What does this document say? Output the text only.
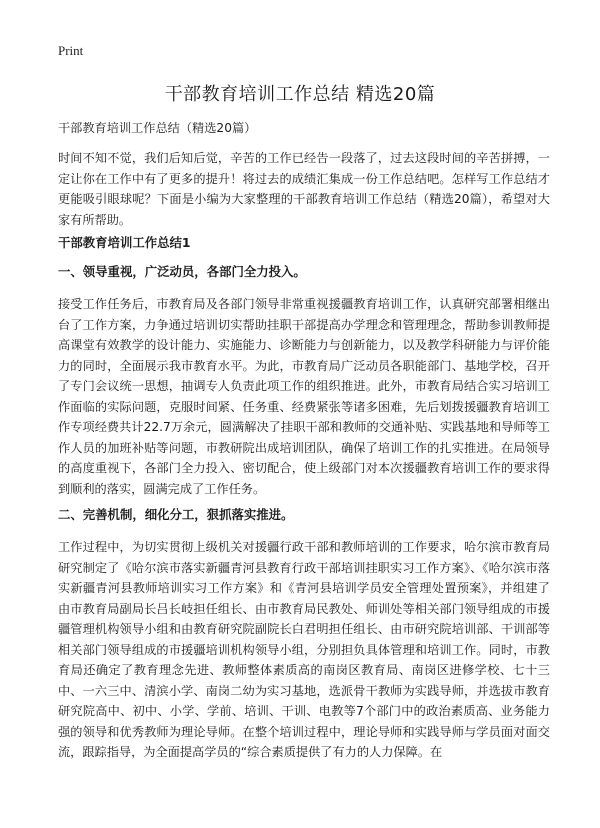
Print
干部教育培训工作总结 精选20篇

干部教育培训工作总结（精选20篇）

时间不知不觉，我们后知后觉，辛苦的工作已经告一段落了，过去这段时间的辛苦拼搏，一定让你在工作中有了更多的提升！将过去的成绩汇集成一份工作总结吧。怎样写工作总结才更能吸引眼球呢？下面是小编为大家整理的干部教育培训工作总结（精选20篇），希望对大家有所帮助。

干部教育培训工作总结1
一、领导重视，广泛动员，各部门全力投入。

接受工作任务后，市教育局及各部门领导非常重视援疆教育培训工作，认真研究部署相继出台了工作方案，力争通过培训切实帮助挂职干部提高办学理念和管理理念，帮助参训教师提高课堂有效教学的设计能力、实施能力、诊断能力与创新能力，以及教学科研能力与评价能力的同时，全面展示我市教育水平。为此，市教育局广泛动员各职能部门、基地学校，召开了专门会议统一思想，抽调专人负责此项工作的组织推进。此外，市教育局结合实习培训工作面临的实际问题，克服时间紧、任务重、经费紧张等诸多困难，先后划拨援疆教育培训工作专项经费共计22.7万余元，圆满解决了挂职干部和教师的交通补贴、实践基地和导师等工作人员的加班补贴等问题，市教研院出成培训团队，确保了培训工作的扎实推进。在局领导的高度重视下，各部门全力投入、密切配合，使上级部门对本次援疆教育培训工作的要求得到顺利的落实，圆满完成了工作任务。

二、完善机制，细化分工，狠抓落实推进。

工作过程中，为切实贯彻上级机关对援疆行政干部和教师培训的工作要求，哈尔滨市教育局研究制定了《哈尔滨市落实新疆青河县教育行政干部培训挂职实习工作方案》、《哈尔滨市落实新疆青河县教师培训实习工作方案》和《青河县培训学员安全管理处置预案》，并组建了由市教育局副局长吕长岐担任组长、由市教育局民教处、师训处等相关部门领导组成的市援疆管理机构领导小组和由教育研究院副院长白君明担任组长、由市研究院培训部、干训部等相关部门领导组成的市援疆培训机构领导小组，分别担负具体管理和培训工作。同时，市教育局还确定了教育理念先进、教师整体素质高的南岗区教育局、南岗区进修学校、七十三中、一六三中、清滨小学、南岗二幼为实习基地，选派骨干教师为实践导师，并选拔市教育研究院高中、初中、小学、学前、培训、干训、电教等7个部门中的政治素质高、业务能力强的领导和优秀教师为理论导师。在整个培训过程中，理论导师和实践导师与学员面对面交流，跟踪指导，为全面提高学员的“综合素质提供了有力的人力保障。在
